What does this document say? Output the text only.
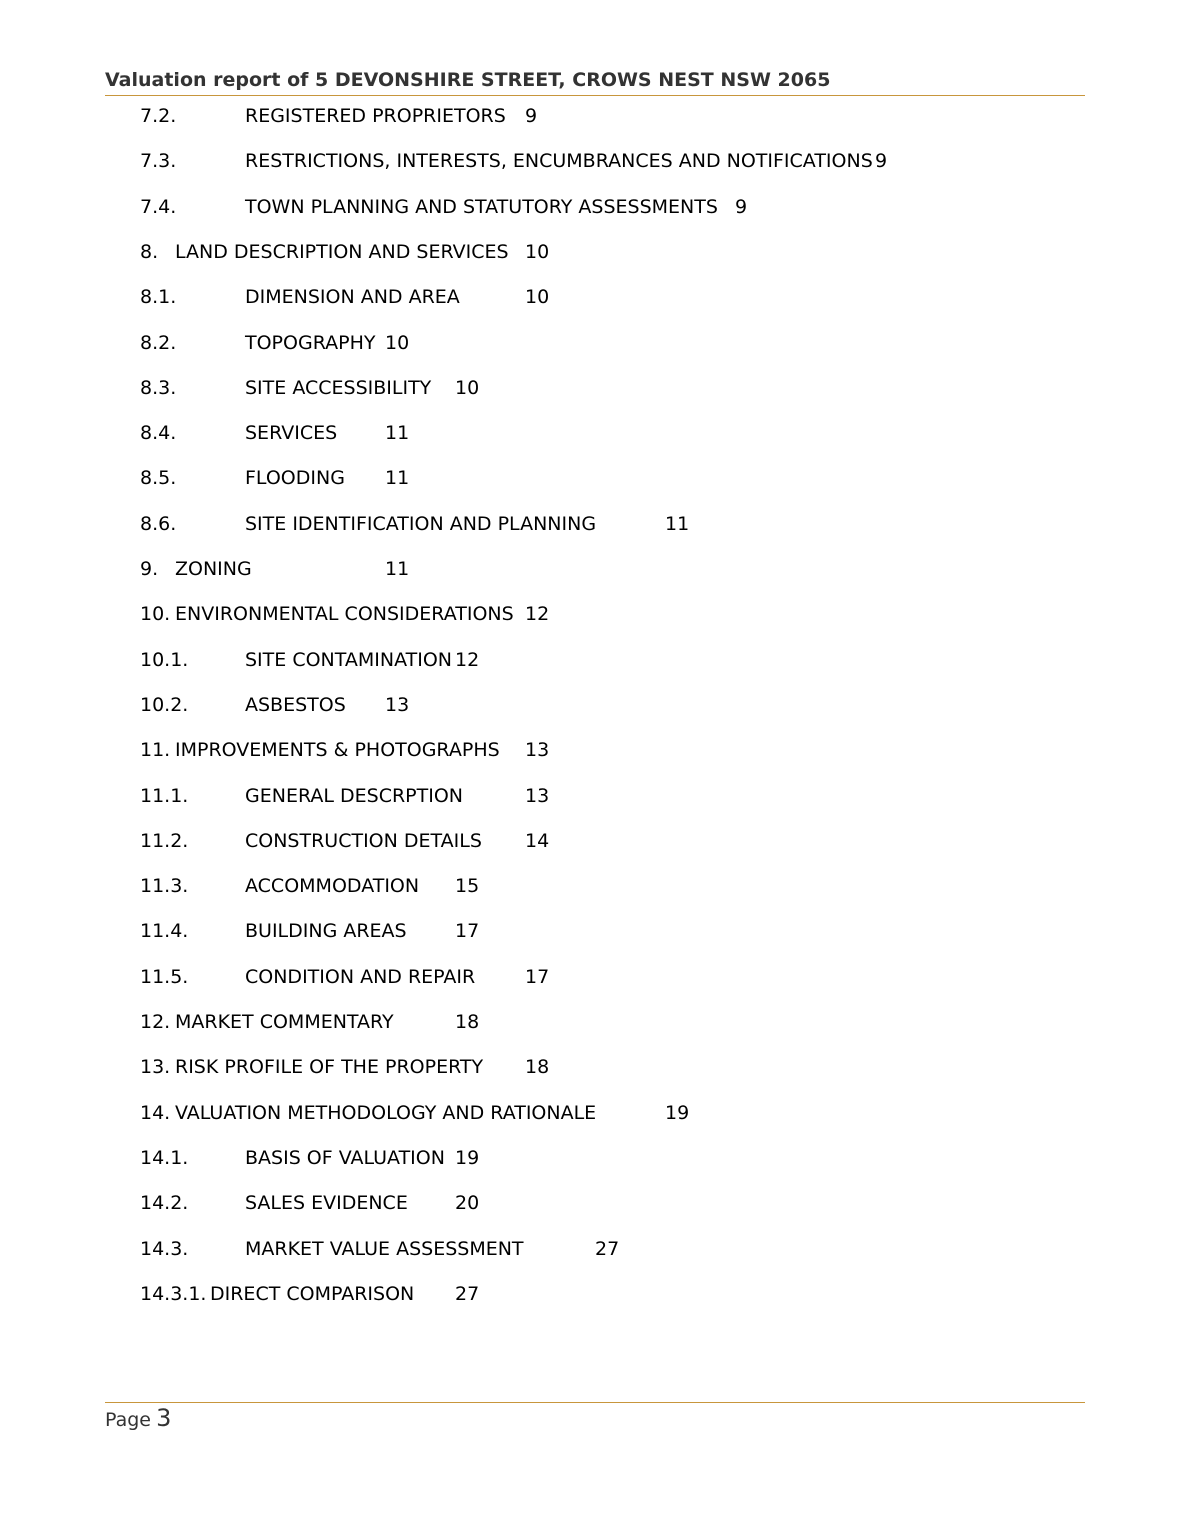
Valuation report of 5 DEVONSHIRE STREET, CROWS NEST NSW 2065
7.2.	REGISTERED PROPRIETORS 9
7.3.	RESTRICTIONS, INTERESTS, ENCUMBRANCES AND NOTIFICATIONS 9
7.4.	TOWN PLANNING AND STATUTORY ASSESSMENTS 9
8. LAND DESCRIPTION AND SERVICES 10
8.1.	DIMENSION AND AREA	10
8.2.	TOPOGRAPHY 10
8.3.	SITE ACCESSIBILITY 10
8.4.	SERVICES	11
8.5.	FLOODING 11
8.6.	SITE IDENTIFICATION AND PLANNING	11
9. ZONING	11
10. ENVIRONMENTAL CONSIDERATIONS 12
10.1.	SITE CONTAMINATION 12
10.2.	ASBESTOS 13
11. IMPROVEMENTS & PHOTOGRAPHS 13
11.1.	GENERAL DESCRPTION	13
11.2.	CONSTRUCTION DETAILS 14
11.3.	ACCOMMODATION 15
11.4.	BUILDING AREAS	17
11.5.	CONDITION AND REPAIR	17
12. MARKET COMMENTARY	18
13. RISK PROFILE OF THE PROPERTY 18
14. VALUATION METHODOLOGY AND RATIONALE	19
14.1.	BASIS OF VALUATION 19
14.2.	SALES EVIDENCE 20
14.3.	MARKET VALUE ASSESSMENT	27
14.3.1. DIRECT COMPARISON 27
Page 3
